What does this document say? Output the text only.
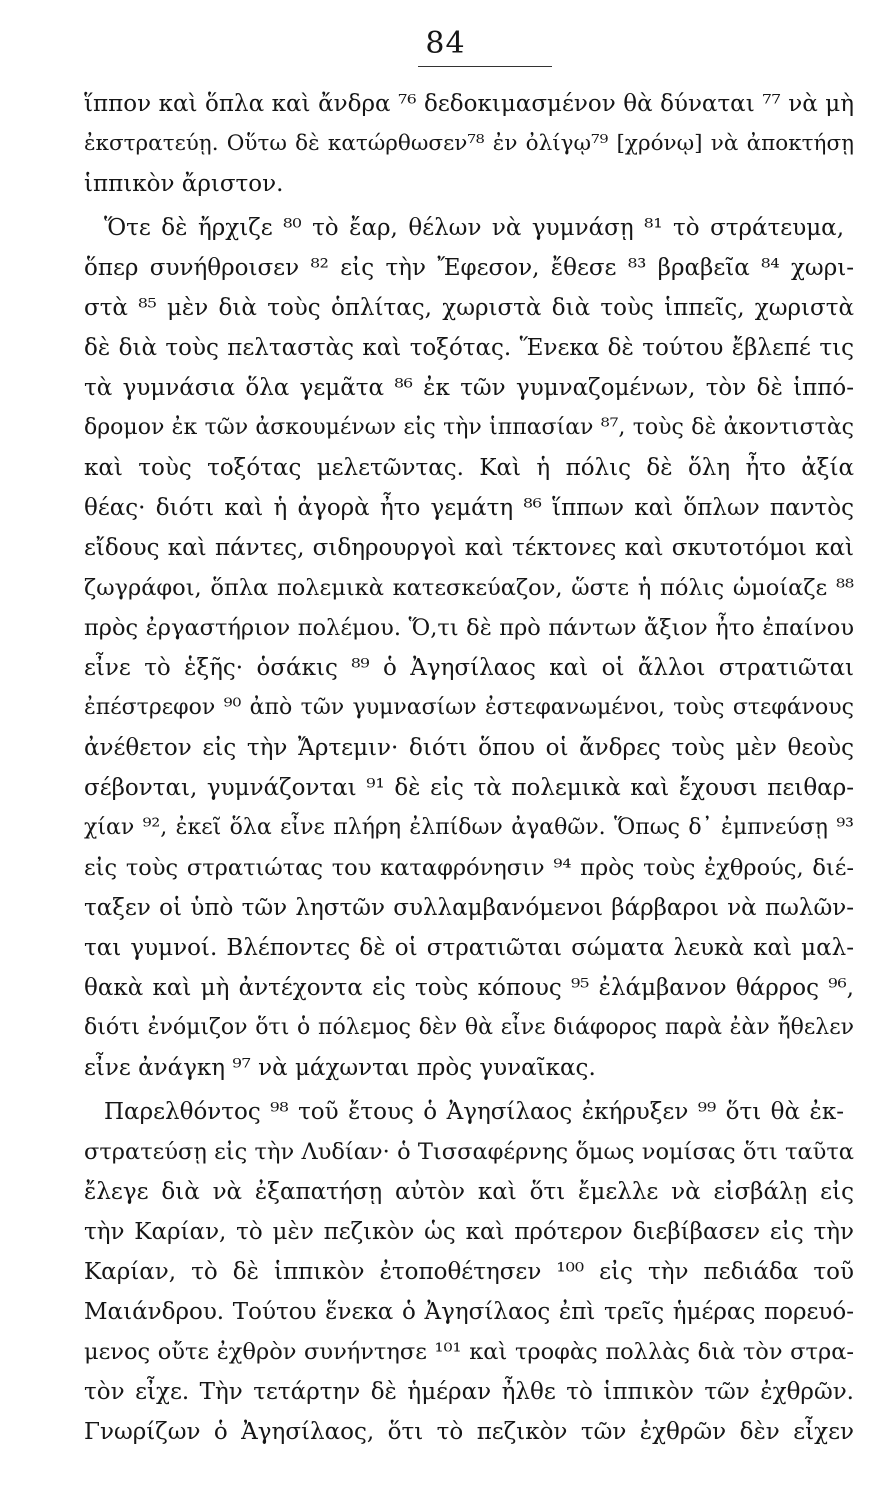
84
ἵππον καὶ ὅπλα καὶ ἄνδρα ⁷⁶ δεδοκιμασμένον θὰ δύναται ⁷⁷ νὰ μὴ
ἐκστρατεύῃ. Οὕτω δὲ κατώρθωσεν⁷⁸ ἐν ὀλίγῳ⁷⁹ [χρόνῳ] νὰ ἀποκτήσῃ
ἱππικὸν ἄριστον.
Ὅτε δὲ ἤρχιζε ⁸⁰ τὸ ἔαρ, θέλων νὰ γυμνάσῃ ⁸¹ τὸ στράτευμα,
ὅπερ συνήθροισεν ⁸² εἰς τὴν Ἔφεσον, ἔθεσε ⁸³ βραβεῖα ⁸⁴ χωρι-
στὰ ⁸⁵ μὲν διὰ τοὺς ὁπλίτας, χωριστὰ διὰ τοὺς ἱππεῖς, χωριστὰ
δὲ διὰ τοὺς πελταστὰς καὶ τοξότας. Ἕνεκα δὲ τούτου ἔβλεπέ τις
τὰ γυμνάσια ὅλα γεμᾶτα ⁸⁶ ἐκ τῶν γυμναζομένων, τὸν δὲ ἱππό-
δρομον ἐκ τῶν ἀσκουμένων εἰς τὴν ἱππασίαν ⁸⁷, τοὺς δὲ ἀκοντιστὰς
καὶ τοὺς τοξότας μελετῶντας. Καὶ ἡ πόλις δὲ ὅλη ἦτο ἀξία
θέας· διότι καὶ ἡ ἀγορὰ ἦτο γεμάτη ⁸⁶ ἵππων καὶ ὅπλων παντὸς
εἴδους καὶ πάντες, σιδηρουργοὶ καὶ τέκτονες καὶ σκυτοτόμοι καὶ
ζωγράφοι, ὅπλα πολεμικὰ κατεσκεύαζον, ὥστε ἡ πόλις ὡμοίαζε ⁸⁸
πρὸς ἐργαστήριον πολέμου. Ὅ,τι δὲ πρὸ πάντων ἄξιον ἦτο ἐπαίνου
εἶνε τὸ ἑξῆς· ὁσάκις ⁸⁹ ὁ Ἀγησίλαος καὶ οἱ ἄλλοι στρατιῶται
ἐπέστρεφον ⁹⁰ ἀπὸ τῶν γυμνασίων ἐστεφανωμένοι, τοὺς στεφάνους
ἀνέθετον εἰς τὴν Ἄρτεμιν· διότι ὅπου οἱ ἄνδρες τοὺς μὲν θεοὺς
σέβονται, γυμνάζονται ⁹¹ δὲ εἰς τὰ πολεμικὰ καὶ ἔχουσι πειθαρ-
χίαν ⁹², ἐκεῖ ὅλα εἶνε πλήρη ἐλπίδων ἀγαθῶν. Ὅπως δ᾽ ἐμπνεύσῃ ⁹³
εἰς τοὺς στρατιώτας του καταφρόνησιν ⁹⁴ πρὸς τοὺς ἐχθρούς, διέ-
ταξεν οἱ ὑπὸ τῶν ληστῶν συλλαμβανόμενοι βάρβαροι νὰ πωλῶν-
ται γυμνοί. Βλέποντες δὲ οἱ στρατιῶται σώματα λευκὰ καὶ μαλ-
θακὰ καὶ μὴ ἀντέχοντα εἰς τοὺς κόπους ⁹⁵ ἐλάμβανον θάρρος ⁹⁶,
διότι ἐνόμιζον ὅτι ὁ πόλεμος δὲν θὰ εἶνε διάφορος παρὰ ἐὰν ἤθελεν
εἶνε ἀνάγκη ⁹⁷ νὰ μάχωνται πρὸς γυναῖκας.
Παρελθόντος ⁹⁸ τοῦ ἔτους ὁ Ἀγησίλαος ἐκήρυξεν ⁹⁹ ὅτι θὰ ἐκ-
στρατεύσῃ εἰς τὴν Λυδίαν· ὁ Τισσαφέρνης ὅμως νομίσας ὅτι ταῦτα
ἔλεγε διὰ νὰ ἐξαπατήσῃ αὐτὸν καὶ ὅτι ἔμελλε νὰ εἰσβάλῃ εἰς
τὴν Καρίαν, τὸ μὲν πεζικὸν ὡς καὶ πρότερον διεβίβασεν εἰς τὴν
Καρίαν, τὸ δὲ ἱππικὸν ἐτοποθέτησεν ¹⁰⁰ εἰς τὴν πεδιάδα τοῦ
Μαιάνδρου. Τούτου ἕνεκα ὁ Ἀγησίλαος ἐπὶ τρεῖς ἡμέρας πορευό-
μενος οὔτε ἐχθρὸν συνήντησε ¹⁰¹ καὶ τροφὰς πολλὰς διὰ τὸν στρα-
τὸν εἶχε. Τὴν τετάρτην δὲ ἡμέραν ἦλθε τὸ ἱππικὸν τῶν ἐχθρῶν.
Γνωρίζων ὁ Ἀγησίλαος, ὅτι τὸ πεζικὸν τῶν ἐχθρῶν δὲν εἶχεν
